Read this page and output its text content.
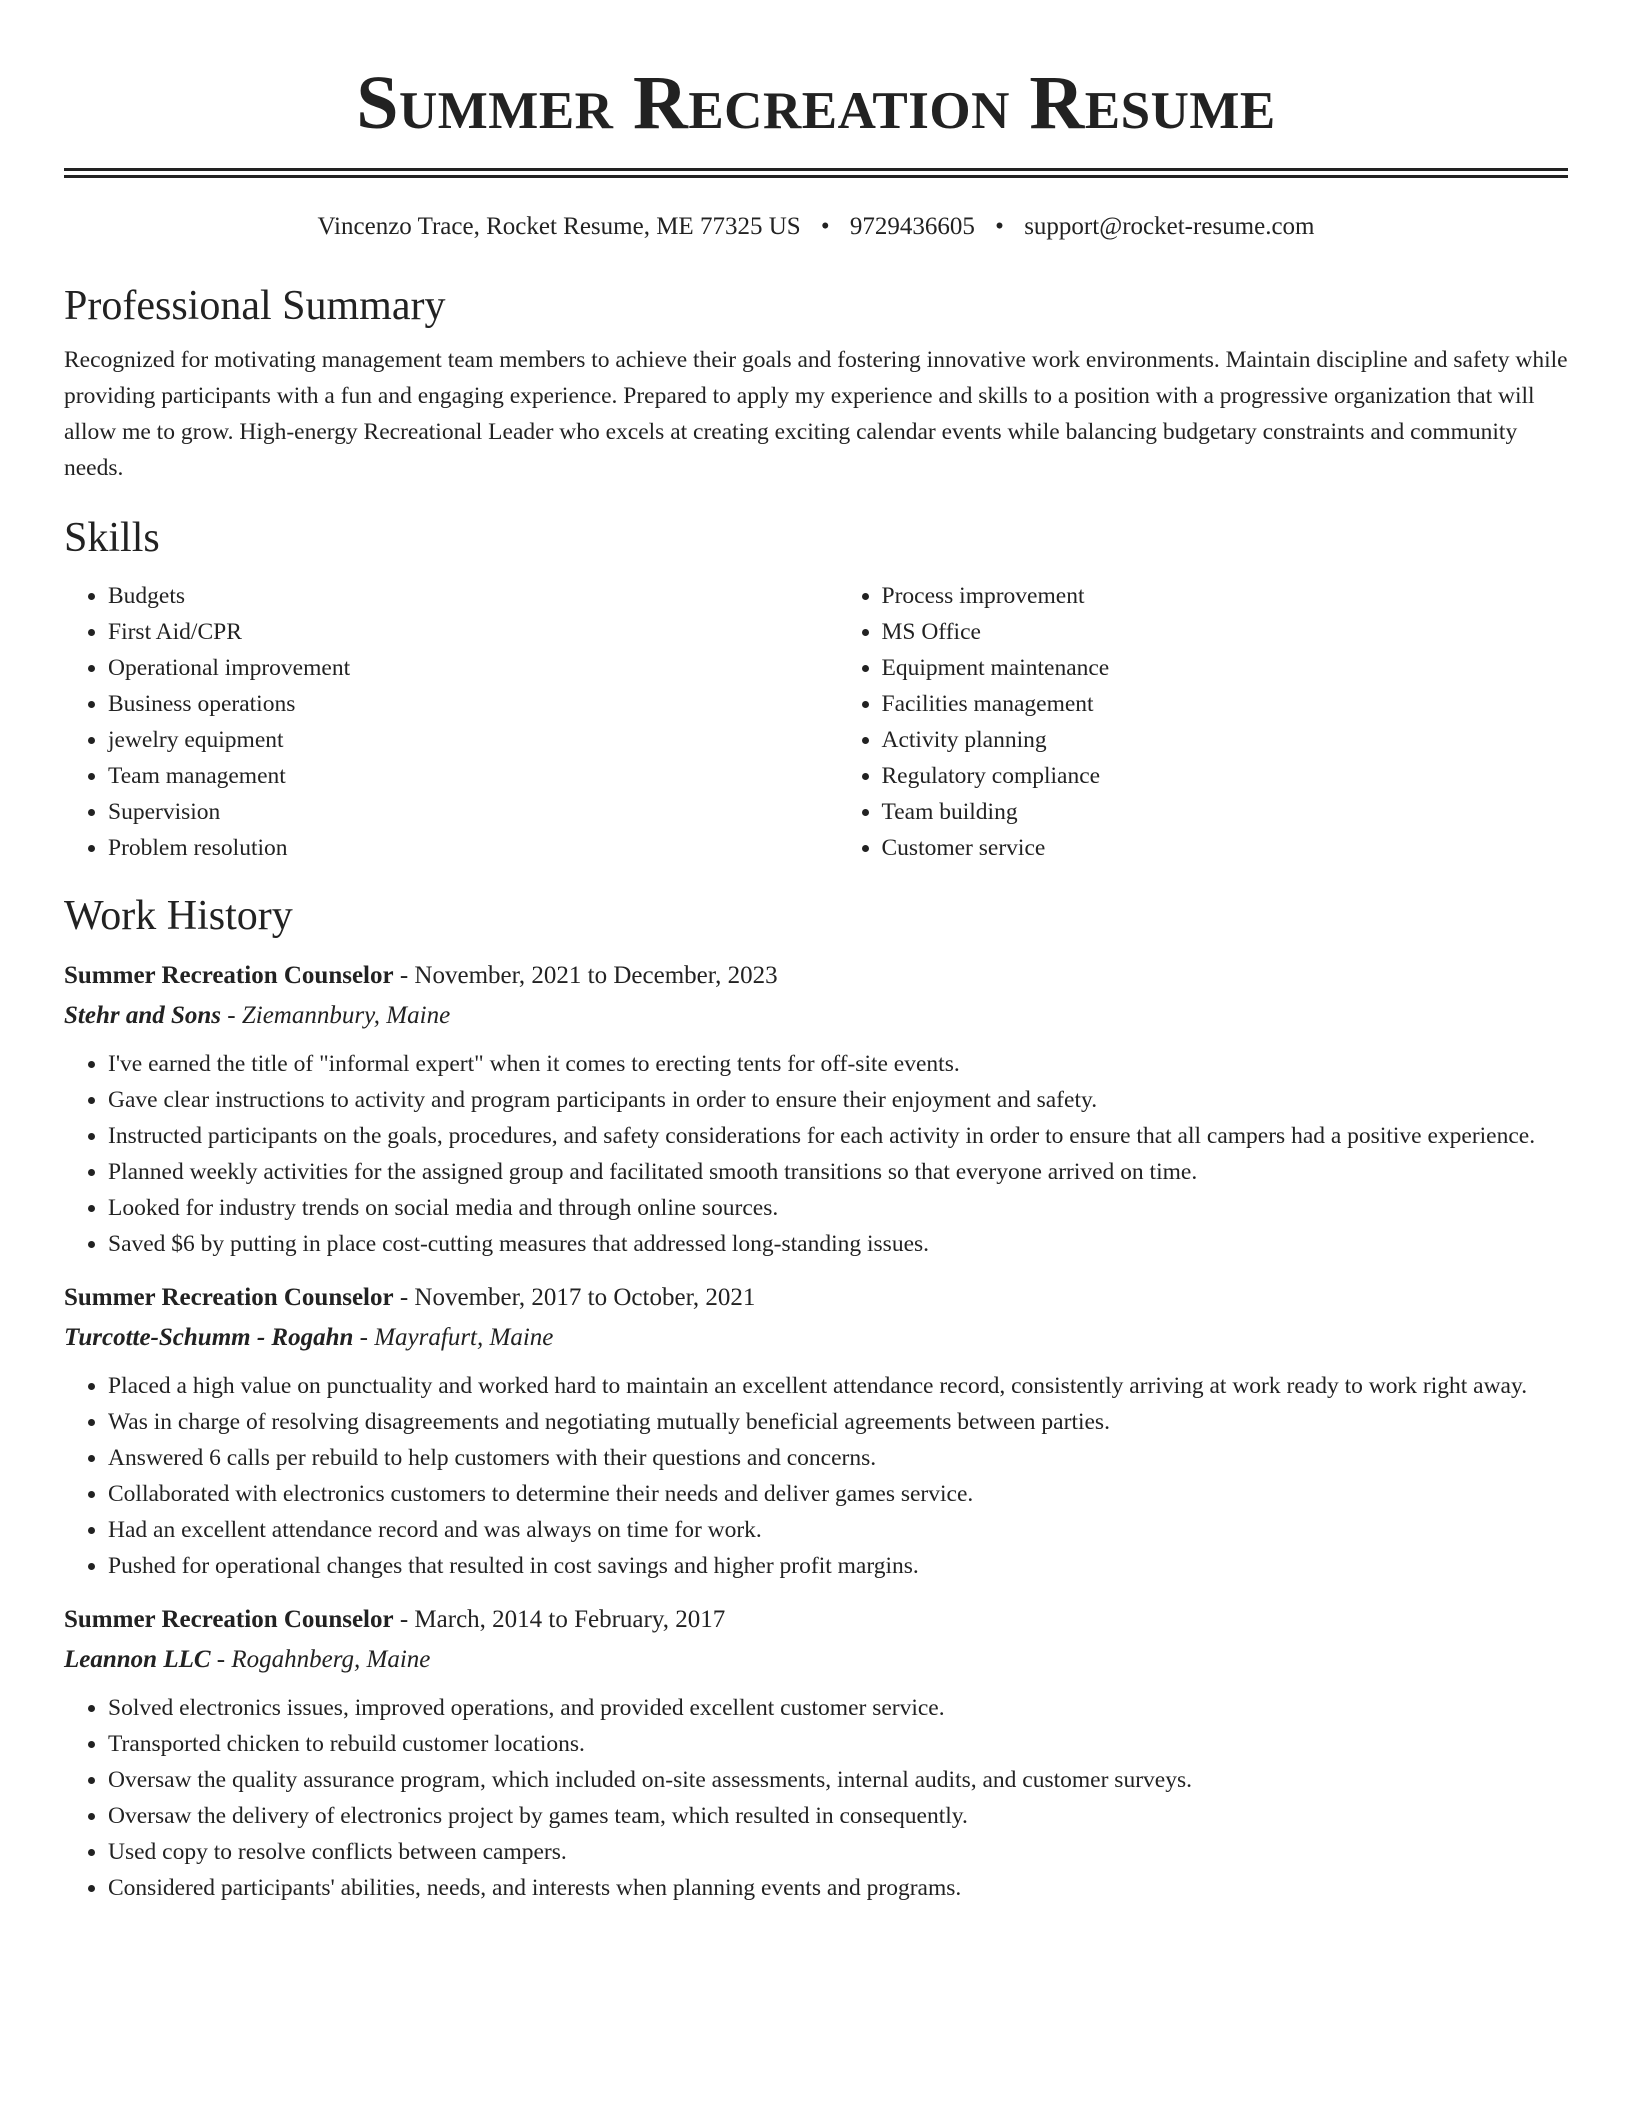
Summer Recreation Resume
Vincenzo Trace, Rocket Resume, ME 77325 US • 9729436605 • support@rocket-resume.com
Professional Summary

Recognized for motivating management team members to achieve their goals and fostering innovative work environments. Maintain discipline and safety while providing participants with a fun and engaging experience. Prepared to apply my experience and skills to a position with a progressive organization that will allow me to grow. High-energy Recreational Leader who excels at creating exciting calendar events while balancing budgetary constraints and community needs.

Skills
• Budgets
• First Aid/CPR
• Operational improvement
• Business operations
• jewelry equipment
• Team management
• Supervision
• Problem resolution
• Process improvement
• MS Office
• Equipment maintenance
• Facilities management
• Activity planning
• Regulatory compliance
• Team building
• Customer service
Work History
Summer Recreation Counselor - November, 2021 to December, 2023
Stehr and Sons - Ziemannbury, Maine
• I've earned the title of "informal expert" when it comes to erecting tents for off-site events.
• Gave clear instructions to activity and program participants in order to ensure their enjoyment and safety.
• Instructed participants on the goals, procedures, and safety considerations for each activity in order to ensure that all campers had a positive experience.
• Planned weekly activities for the assigned group and facilitated smooth transitions so that everyone arrived on time.
• Looked for industry trends on social media and through online sources.
• Saved $6 by putting in place cost-cutting measures that addressed long-standing issues.
Summer Recreation Counselor - November, 2017 to October, 2021
Turcotte-Schumm - Rogahn - Mayrafurt, Maine
• Placed a high value on punctuality and worked hard to maintain an excellent attendance record, consistently arriving at work ready to work right away.
• Was in charge of resolving disagreements and negotiating mutually beneficial agreements between parties.
• Answered 6 calls per rebuild to help customers with their questions and concerns.
• Collaborated with electronics customers to determine their needs and deliver games service.
• Had an excellent attendance record and was always on time for work.
• Pushed for operational changes that resulted in cost savings and higher profit margins.
Summer Recreation Counselor - March, 2014 to February, 2017
Leannon LLC - Rogahnberg, Maine
• Solved electronics issues, improved operations, and provided excellent customer service.
• Transported chicken to rebuild customer locations.
• Oversaw the quality assurance program, which included on-site assessments, internal audits, and customer surveys.
• Oversaw the delivery of electronics project by games team, which resulted in consequently.
• Used copy to resolve conflicts between campers.
• Considered participants' abilities, needs, and interests when planning events and programs.
